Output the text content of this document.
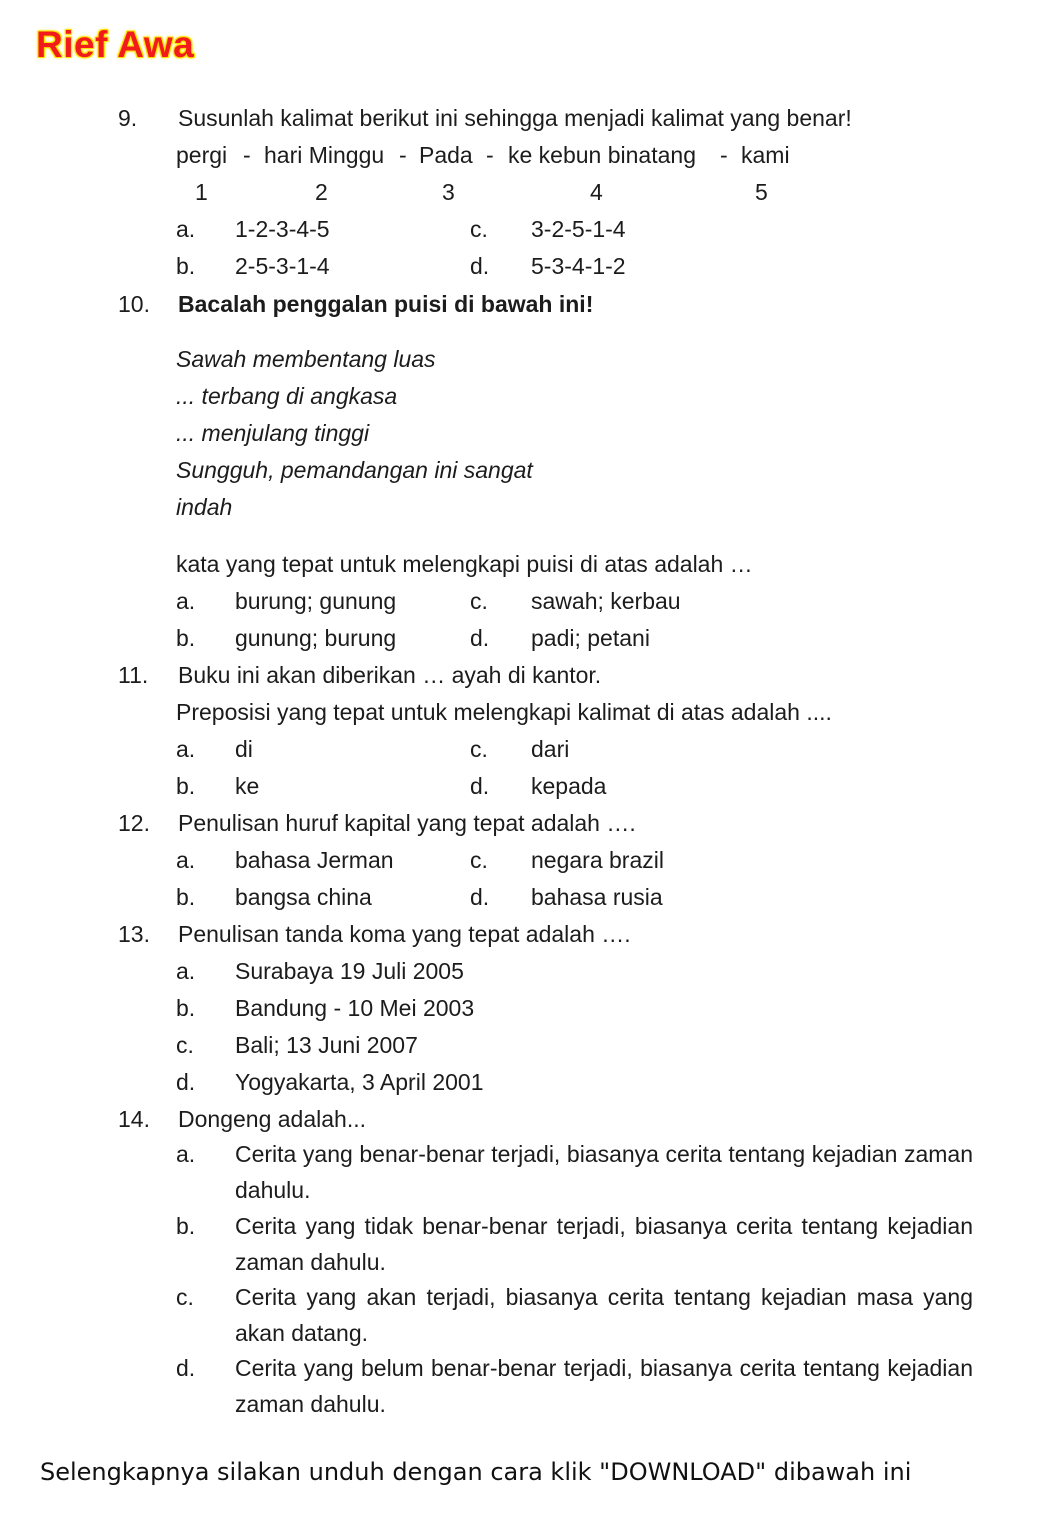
Rief Awa
9. Susunlah kalimat berikut ini sehingga menjadi kalimat yang benar!
pergi - hari Minggu - Pada - ke kebun binatang - kami
1	2	3	4	5
a. 1-2-3-4-5	c. 3-2-5-1-4
b. 2-5-3-1-4	d. 5-3-4-1-2
10. Bacalah penggalan puisi di bawah ini!
Sawah membentang luas
... terbang di angkasa
... menjulang tinggi
Sungguh, pemandangan ini sangat
indah
kata yang tepat untuk melengkapi puisi di atas adalah …
a. burung; gunung	c. sawah; kerbau
b. gunung; burung	d. padi; petani
11. Buku ini akan diberikan … ayah di kantor.
Preposisi yang tepat untuk melengkapi kalimat di atas adalah ....
a. di	c. dari
b. ke	d. kepada
12. Penulisan huruf kapital yang tepat adalah ….
a. bahasa Jerman	c. negara brazil
b. bangsa china	d. bahasa rusia
13. Penulisan tanda koma yang tepat adalah ….
a. Surabaya 19 Juli 2005
b. Bandung - 10 Mei 2003
c. Bali; 13 Juni 2007
d. Yogyakarta, 3 April 2001
14. Dongeng adalah...
a. Cerita yang benar-benar terjadi, biasanya cerita tentang kejadian zaman dahulu.
b. Cerita yang tidak benar-benar terjadi, biasanya cerita tentang kejadian zaman dahulu.
c. Cerita yang akan terjadi, biasanya cerita tentang kejadian masa yang akan datang.
d. Cerita yang belum benar-benar terjadi, biasanya cerita tentang kejadian zaman dahulu.
Selengkapnya silakan unduh dengan cara klik "DOWNLOAD" dibawah ini
